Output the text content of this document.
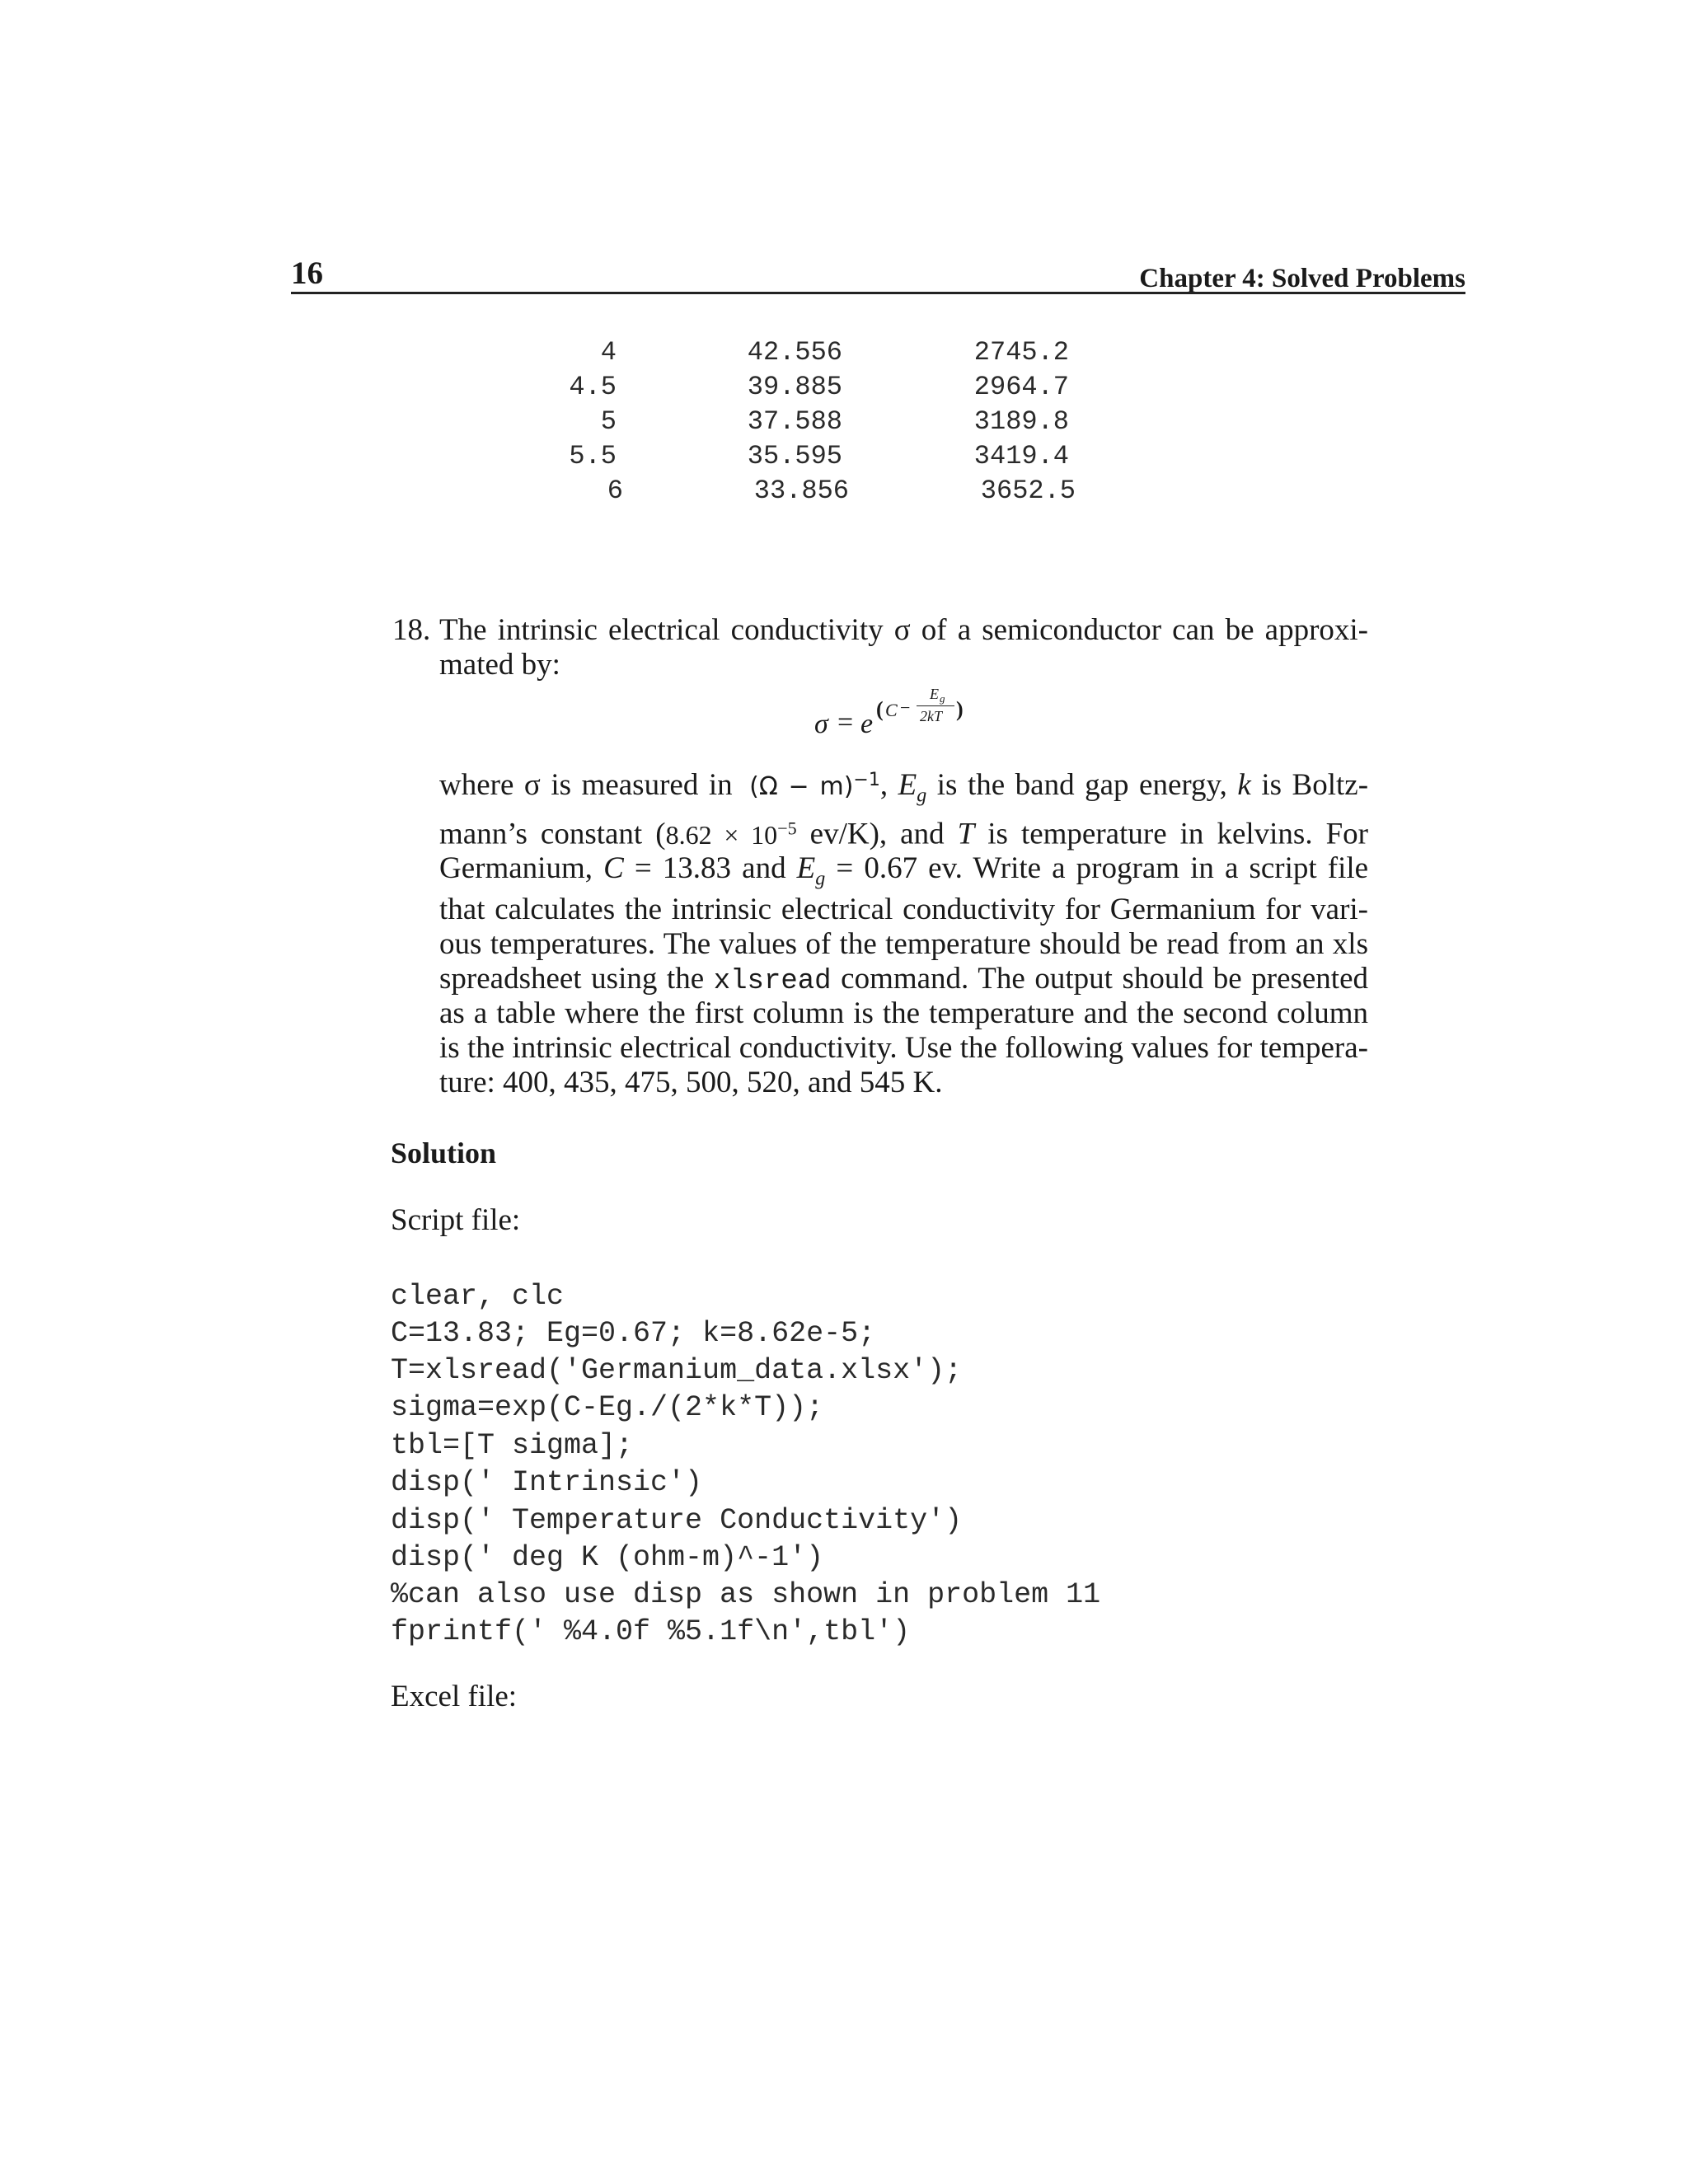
16	Chapter 4: Solved Problems
4	42.556	2745.2
4.5	39.885	2964.7
5	37.588	3189.8
5.5	35.595	3419.4
6	33.856	3652.5
18. The intrinsic electrical conductivity σ of a semiconductor can be approxi-
mated by:
σ = e ( C −
E g
2kT )
where σ is measured in $(\Omega - m)^{-1}$, $E_g$ is the band gap energy, k is Boltz-
mann’s constant ($8.62 \times 10^{-5}$ ev/K), and T is temperature in kelvins. For
Germanium, C = 13.83 and $E_g = 0.67$ ev. Write a program in a script file
that calculates the intrinsic electrical conductivity for Germanium for vari-
ous temperatures. The values of the temperature should be read from an xls
spreadsheet using the xlsread command. The output should be presented
as a table where the first column is the temperature and the second column
is the intrinsic electrical conductivity. Use the following values for tempera-
ture: 400, 435, 475, 500, 520, and 545 K.
Solution
Script file:
clear, clc
C=13.83; Eg=0.67; k=8.62e-5;
T=xlsread('Germanium_data.xlsx');
sigma=exp(C-Eg./(2*k*T));
tbl=[T sigma];
disp(' Intrinsic')
disp(' Temperature Conductivity')
disp(' deg K (ohm-m)^-1')
%can also use disp as shown in problem 11
fprintf(' %4.0f %5.1f\n',tbl')
Excel file:
